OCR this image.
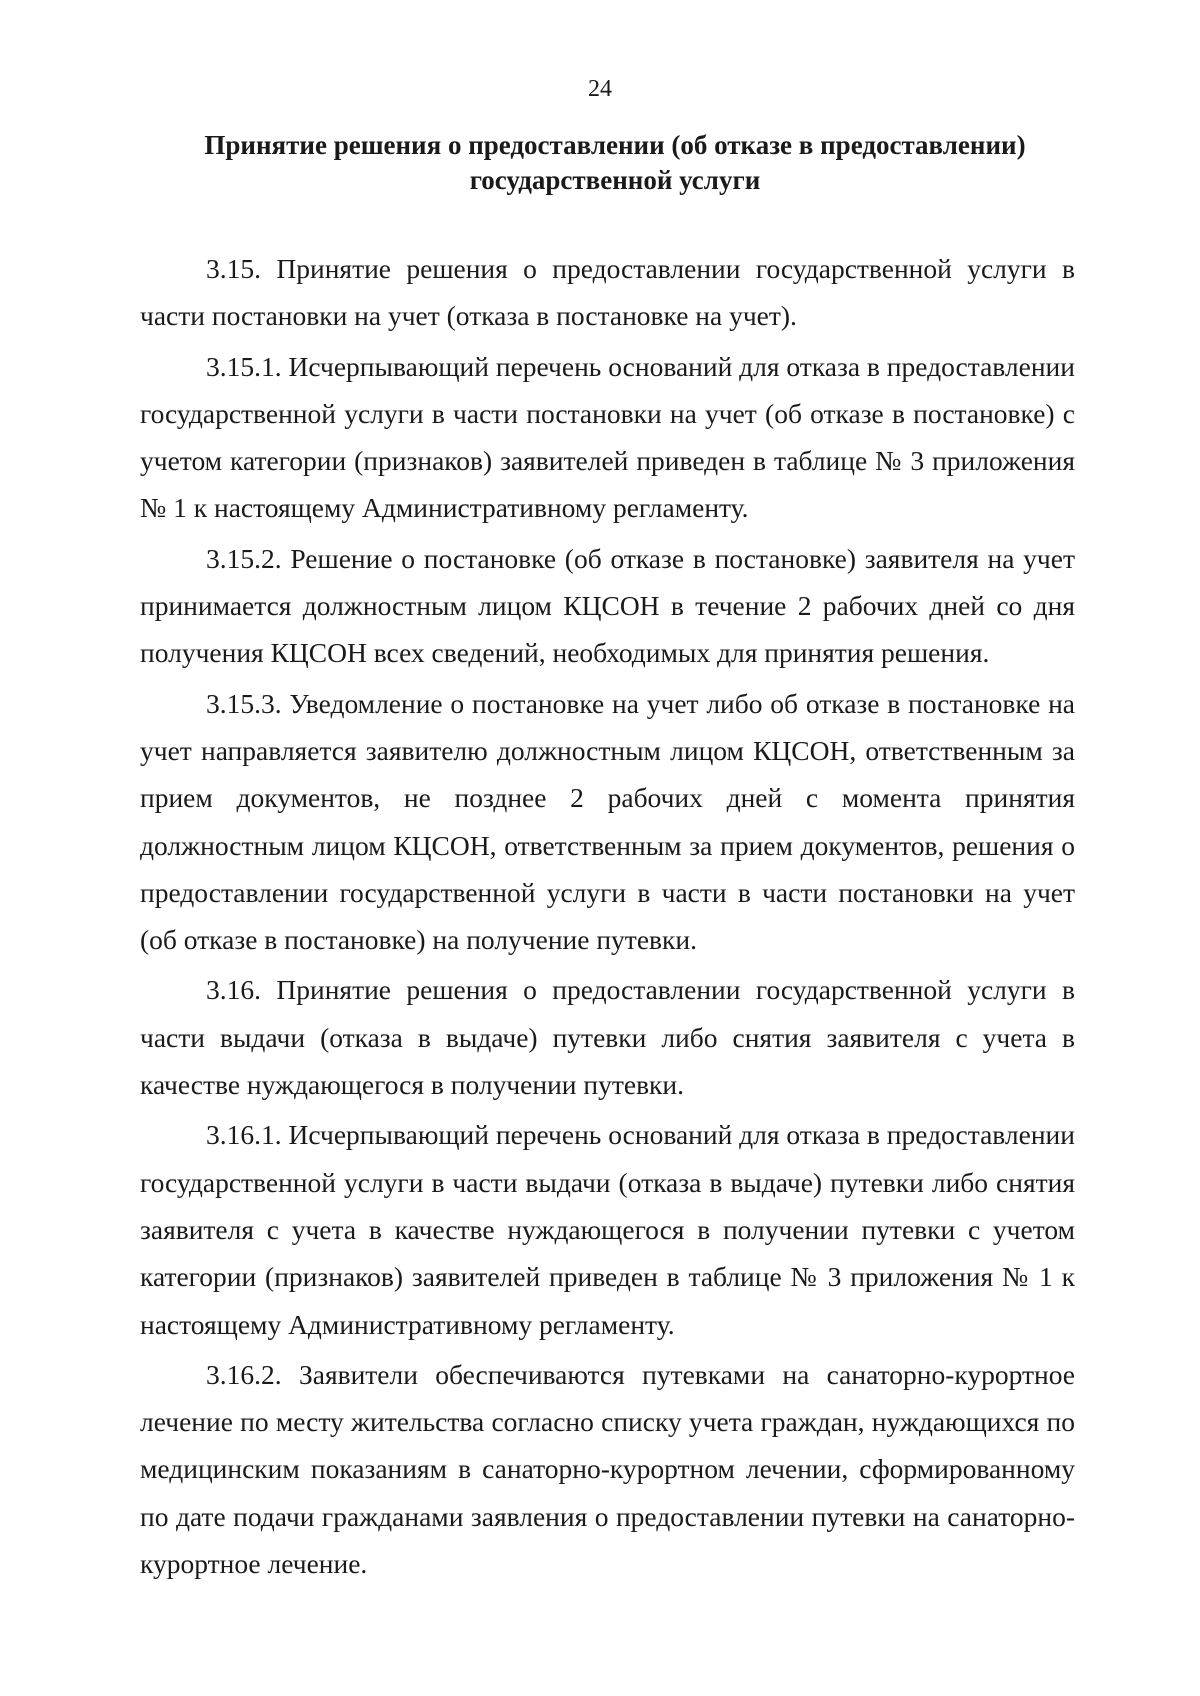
24
Принятие решения о предоставлении (об отказе в предоставлении)
государственной услуги

3.15. Принятие решения о предоставлении государственной услуги в части постановки на учет (отказа в постановке на учет).

3.15.1. Исчерпывающий перечень оснований для отказа в предоставлении государственной услуги в части постановки на учет (об отказе в постановке) с учетом категории (признаков) заявителей приведен в таблице № 3 приложения № 1 к настоящему Административному регламенту.

3.15.2. Решение о постановке (об отказе в постановке) заявителя на учет принимается должностным лицом КЦСОН в течение 2 рабочих дней со дня получения КЦСОН всех сведений, необходимых для принятия решения.

3.15.3. Уведомление о постановке на учет либо об отказе в постановке на учет направляется заявителю должностным лицом КЦСОН, ответственным за прием документов, не позднее 2 рабочих дней с момента принятия должностным лицом КЦСОН, ответственным за прием документов, решения о предоставлении государственной услуги в части в части постановки на учет (об отказе в постановке) на получение путевки.

3.16. Принятие решения о предоставлении государственной услуги в части выдачи (отказа в выдаче) путевки либо снятия заявителя с учета в качестве нуждающегося в получении путевки.

3.16.1. Исчерпывающий перечень оснований для отказа в предоставлении государственной услуги в части выдачи (отказа в выдаче) путевки либо снятия заявителя с учета в качестве нуждающегося в получении путевки с учетом категории (признаков) заявителей приведен в таблице № 3 приложения № 1 к настоящему Административному регламенту.

3.16.2. Заявители обеспечиваются путевками на санаторно-курортное лечение по месту жительства согласно списку учета граждан, нуждающихся по медицинским показаниям в санаторно-курортном лечении, сформированному по дате подачи гражданами заявления о предоставлении путевки на санаторно-курортное лечение.
